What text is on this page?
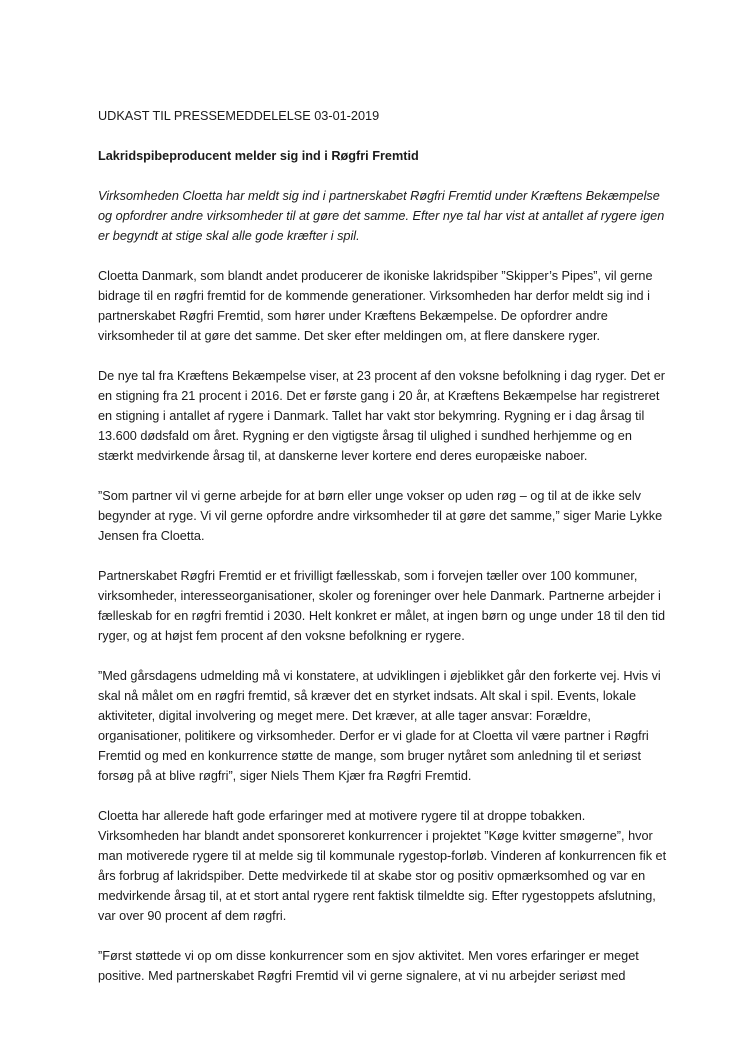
UDKAST TIL PRESSEMEDDELELSE 03-01-2019

Lakridspibeproducent melder sig ind i Røgfri Fremtid

Virksomheden Cloetta har meldt sig ind i partnerskabet Røgfri Fremtid under Kræftens Bekæmpelse og opfordrer andre virksomheder til at gøre det samme. Efter nye tal har vist at antallet af rygere igen er begyndt at stige skal alle gode kræfter i spil.

Cloetta Danmark, som blandt andet producerer de ikoniske lakridspiber ”Skipper’s Pipes”, vil gerne bidrage til en røgfri fremtid for de kommende generationer. Virksomheden har derfor meldt sig ind i partnerskabet Røgfri Fremtid, som hører under Kræftens Bekæmpelse. De opfordrer andre virksomheder til at gøre det samme. Det sker efter meldingen om, at flere danskere ryger.

De nye tal fra Kræftens Bekæmpelse viser, at 23 procent af den voksne befolkning i dag ryger. Det er en stigning fra 21 procent i 2016. Det er første gang i 20 år, at Kræftens Bekæmpelse har registreret en stigning i antallet af rygere i Danmark. Tallet har vakt stor bekymring. Rygning er i dag årsag til 13.600 dødsfald om året. Rygning er den vigtigste årsag til ulighed i sundhed herhjemme og en stærkt medvirkende årsag til, at danskerne lever kortere end deres europæiske naboer.

”Som partner vil vi gerne arbejde for at børn eller unge vokser op uden røg – og til at de ikke selv begynder at ryge. Vi vil gerne opfordre andre virksomheder til at gøre det samme,” siger Marie Lykke Jensen fra Cloetta.

Partnerskabet Røgfri Fremtid er et frivilligt fællesskab, som i forvejen tæller over 100 kommuner, virksomheder, interesseorganisationer, skoler og foreninger over hele Danmark. Partnerne arbejder i fælleskab for en røgfri fremtid i 2030. Helt konkret er målet, at ingen børn og unge under 18 til den tid ryger, og at højst fem procent af den voksne befolkning er rygere.

”Med gårsdagens udmelding må vi konstatere, at udviklingen i øjeblikket går den forkerte vej. Hvis vi skal nå målet om en røgfri fremtid, så kræver det en styrket indsats. Alt skal i spil. Events, lokale aktiviteter, digital involvering og meget mere. Det kræver, at alle tager ansvar: Forældre, organisationer, politikere og virksomheder. Derfor er vi glade for at Cloetta vil være partner i Røgfri Fremtid og med en konkurrence støtte de mange, som bruger nytåret som anledning til et seriøst forsøg på at blive røgfri”, siger Niels Them Kjær fra Røgfri Fremtid.

Cloetta har allerede haft gode erfaringer med at motivere rygere til at droppe tobakken. Virksomheden har blandt andet sponsoreret konkurrencer i projektet ”Køge kvitter smøgerne”, hvor man motiverede rygere til at melde sig til kommunale rygestop-forløb. Vinderen af konkurrencen fik et års forbrug af lakridspiber. Dette medvirkede til at skabe stor og positiv opmærksomhed og var en medvirkende årsag til, at et stort antal rygere rent faktisk tilmeldte sig. Efter rygestoppets afslutning, var over 90 procent af dem røgfri.

”Først støttede vi op om disse konkurrencer som en sjov aktivitet. Men vores erfaringer er meget positive. Med partnerskabet Røgfri Fremtid vil vi gerne signalere, at vi nu arbejder seriøst med
